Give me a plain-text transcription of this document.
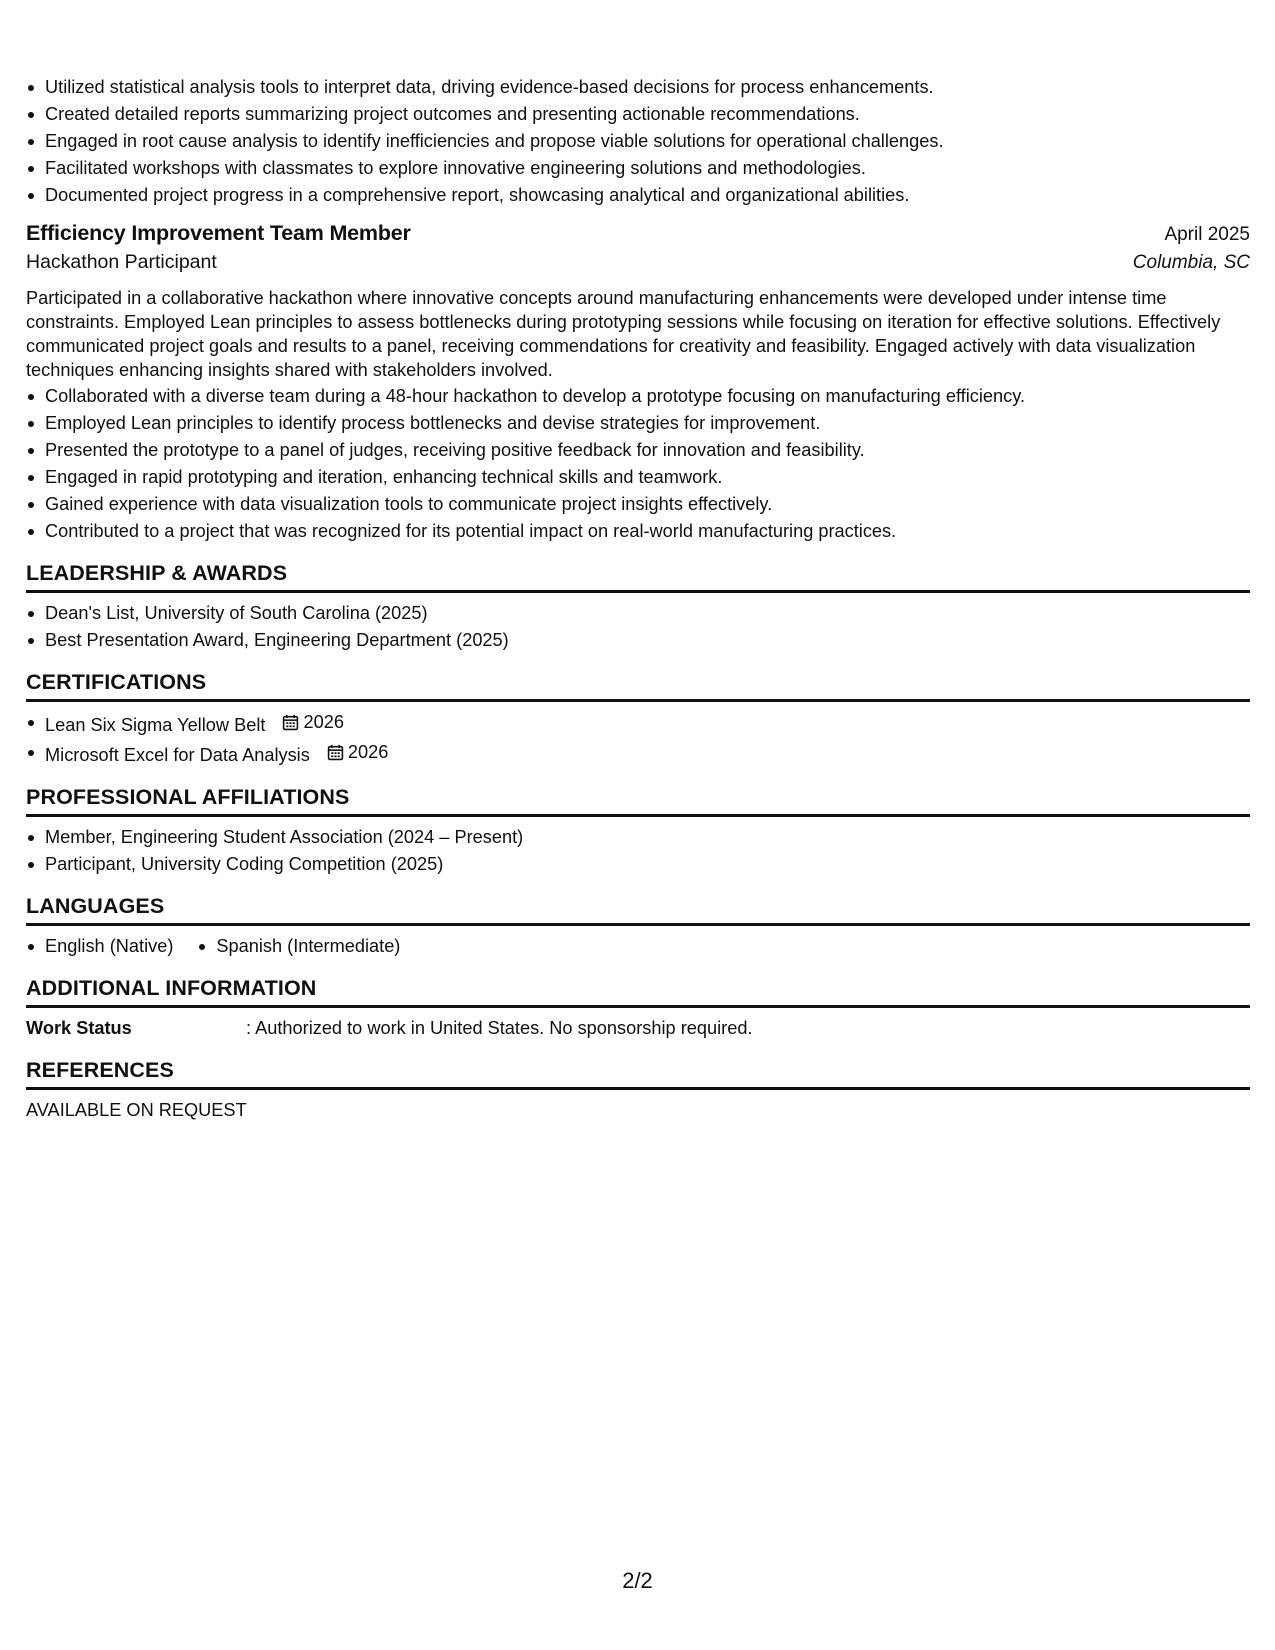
Utilized statistical analysis tools to interpret data, driving evidence-based decisions for process enhancements.
Created detailed reports summarizing project outcomes and presenting actionable recommendations.
Engaged in root cause analysis to identify inefficiencies and propose viable solutions for operational challenges.
Facilitated workshops with classmates to explore innovative engineering solutions and methodologies.
Documented project progress in a comprehensive report, showcasing analytical and organizational abilities.
Efficiency Improvement Team Member	April 2025
Hackathon Participant	Columbia, SC
Participated in a collaborative hackathon where innovative concepts around manufacturing enhancements were developed under intense time constraints. Employed Lean principles to assess bottlenecks during prototyping sessions while focusing on iteration for effective solutions. Effectively communicated project goals and results to a panel, receiving commendations for creativity and feasibility. Engaged actively with data visualization techniques enhancing insights shared with stakeholders involved.
Collaborated with a diverse team during a 48-hour hackathon to develop a prototype focusing on manufacturing efficiency.
Employed Lean principles to identify process bottlenecks and devise strategies for improvement.
Presented the prototype to a panel of judges, receiving positive feedback for innovation and feasibility.
Engaged in rapid prototyping and iteration, enhancing technical skills and teamwork.
Gained experience with data visualization tools to communicate project insights effectively.
Contributed to a project that was recognized for its potential impact on real-world manufacturing practices.
LEADERSHIP & AWARDS
Dean's List, University of South Carolina (2025)
Best Presentation Award, Engineering Department (2025)
CERTIFICATIONS
Lean Six Sigma Yellow Belt 2026
Microsoft Excel for Data Analysis 2026
PROFESSIONAL AFFILIATIONS
Member, Engineering Student Association (2024 – Present)
Participant, University Coding Competition (2025)
LANGUAGES
English (Native)	Spanish (Intermediate)
ADDITIONAL INFORMATION
Work Status	: Authorized to work in United States. No sponsorship required.
REFERENCES
AVAILABLE ON REQUEST
2/2
